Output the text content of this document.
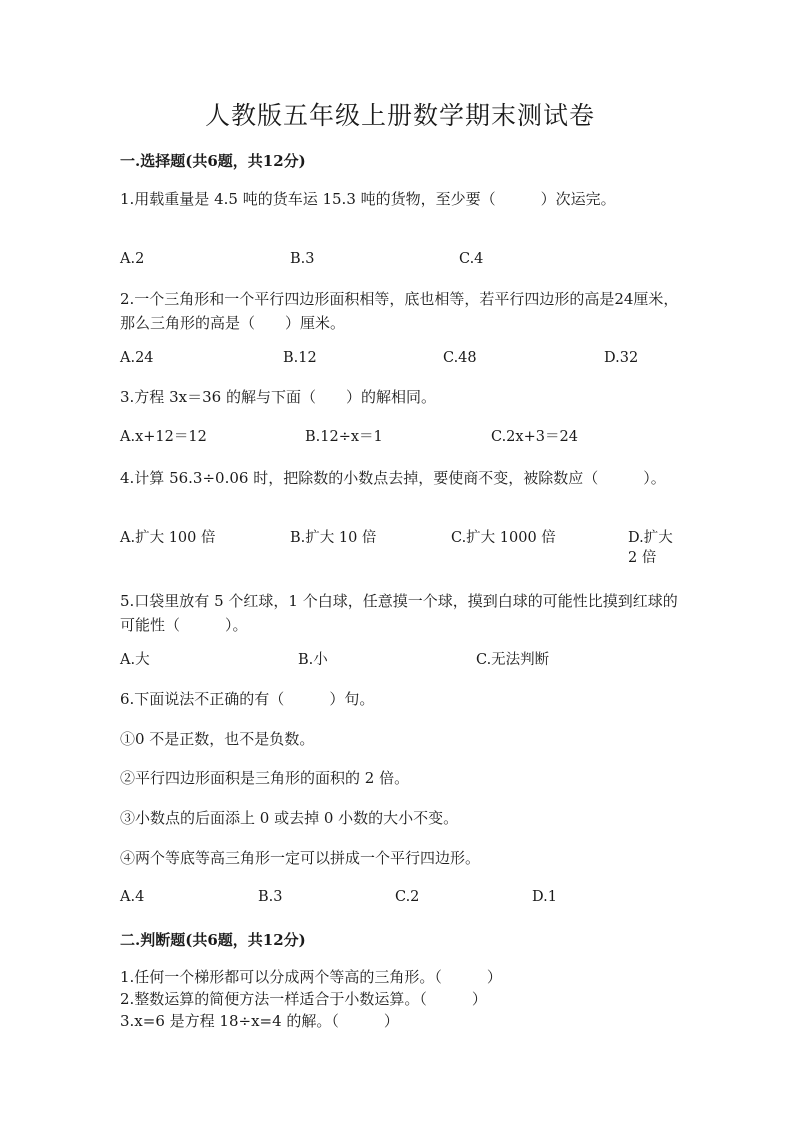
人教版五年级上册数学期末测试卷
一.选择题(共6题，共12分)

1.用载重量是 4.5 吨的货车运 15.3 吨的货物，至少要（　　　）次运完。

A.2	B.3	C.4

2.一个三角形和一个平行四边形面积相等，底也相等，若平行四边形的高是24厘米，那么三角形的高是（　　）厘米。

A.24	B.12	C.48	D.32

3.方程 3x＝36 的解与下面（　　）的解相同。

A.x+12＝12	B.12÷x＝1	C.2x+3＝24

4.计算 56.3÷0.06 时，把除数的小数点去掉，要使商不变，被除数应（　　　）。

A.扩大 100 倍	B.扩大 10 倍	C.扩大 1000 倍	D.扩大 2 倍

5.口袋里放有 5 个红球，1 个白球，任意摸一个球，摸到白球的可能性比摸到红球的可能性（　　　）。

A.大	B.小	C.无法判断

6.下面说法不正确的有（　　　）句。

①0 不是正数，也不是负数。

②平行四边形面积是三角形的面积的 2 倍。

③小数点的后面添上 0 或去掉 0 小数的大小不变。

④两个等底等高三角形一定可以拼成一个平行四边形。

A.4	B.3	C.2	D.1
二.判断题(共6题，共12分)

1.任何一个梯形都可以分成两个等高的三角形。（　　　）

2.整数运算的简便方法一样适合于小数运算。（　　　）

3.x=6 是方程 18÷x=4 的解。（　　　）
